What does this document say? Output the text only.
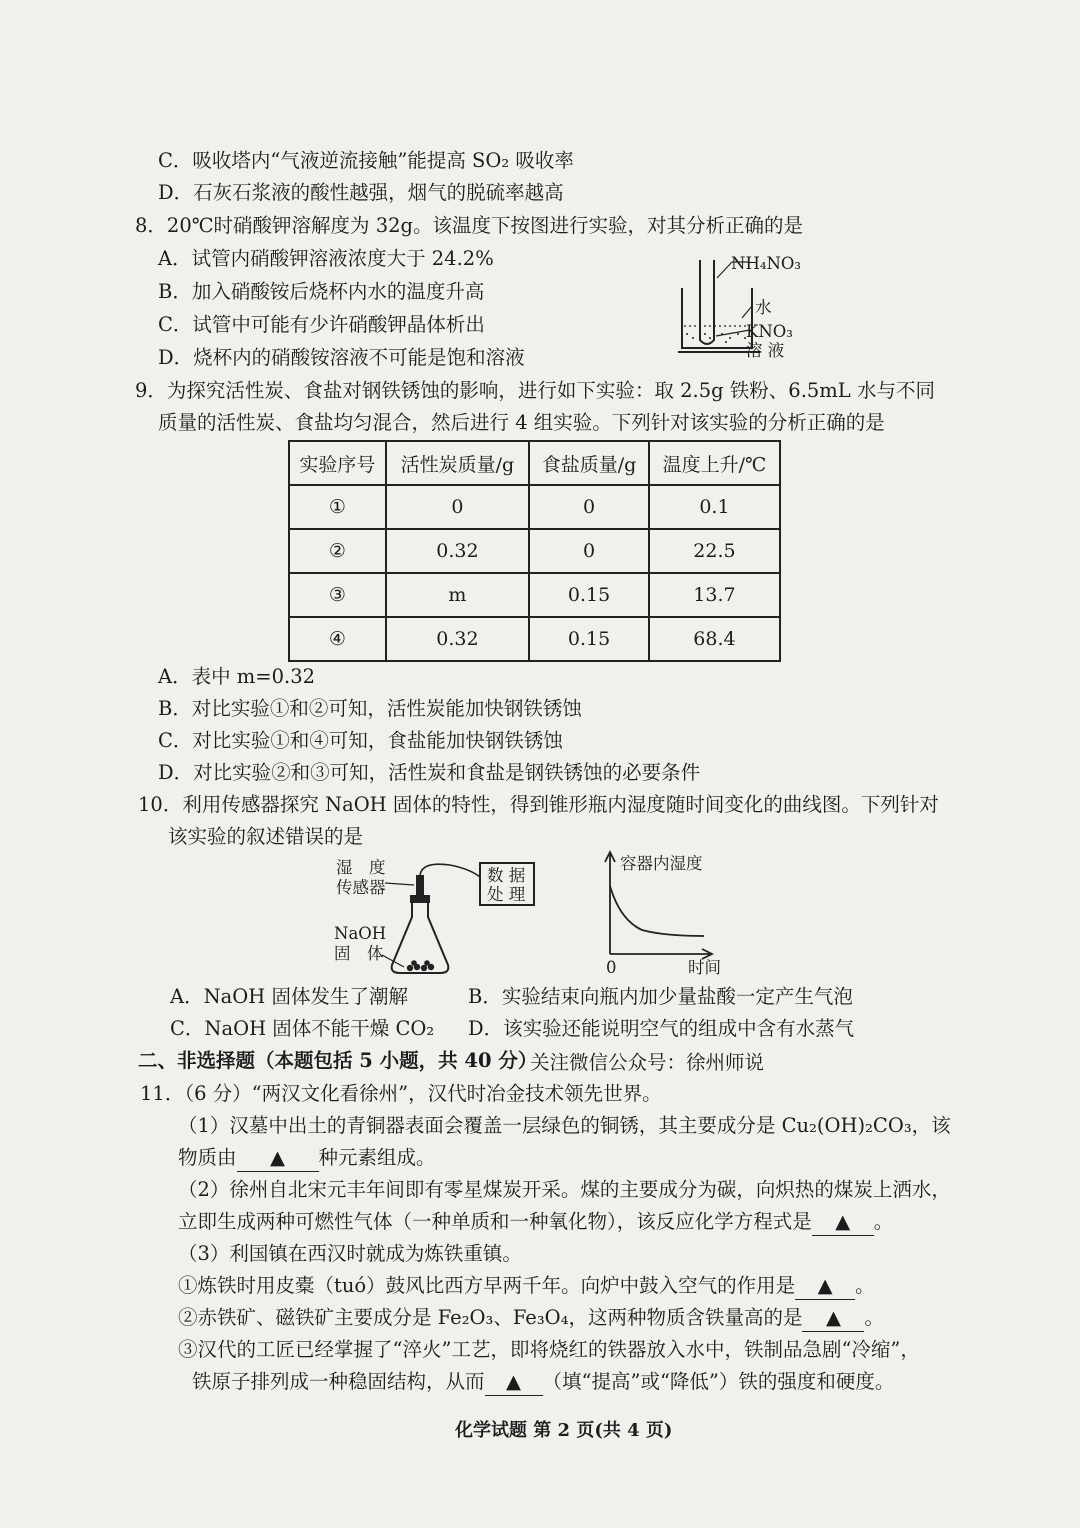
C．吸收塔内“气液逆流接触”能提高 SO₂ 吸收率
D．石灰石浆液的酸性越强，烟气的脱硫率越高
8．20℃时硝酸钾溶解度为 32g。该温度下按图进行实验，对其分析正确的是
A．试管内硝酸钾溶液浓度大于 24.2%
B．加入硝酸铵后烧杯内水的温度升高
C．试管中可能有少许硝酸钾晶体析出
D．烧杯内的硝酸铵溶液不可能是饱和溶液
NH₄NO₃
水
KNO₃
溶 液
9．为探究活性炭、食盐对钢铁锈蚀的影响，进行如下实验：取 2.5g 铁粉、6.5mL 水与不同
质量的活性炭、食盐均匀混合，然后进行 4 组实验。下列针对该实验的分析正确的是
实验序号	活性炭质量/g	食盐质量/g	温度上升/℃
①	0	0	0.1
②	0.32	0	22.5
③	m	0.15	13.7
④	0.32	0.15	68.4
A．表中 m=0.32
B．对比实验①和②可知，活性炭能加快钢铁锈蚀
C．对比实验①和④可知，食盐能加快钢铁锈蚀
D．对比实验②和③可知，活性炭和食盐是钢铁锈蚀的必要条件
10．利用传感器探究 NaOH 固体的特性，得到锥形瓶内湿度随时间变化的曲线图。下列针对
该实验的叙述错误的是
湿　度
传感器
数 据
处 理
NaOH
固　体
容器内湿度
0	时间
A．NaOH 固体发生了潮解	B．实验结束向瓶内加少量盐酸一定产生气泡
C．NaOH 固体不能干燥 CO₂ D．该实验还能说明空气的组成中含有水蒸气
二、非选择题（本题包括 5 小题，共 40 分）
关注微信公众号：徐州师说
11．（6 分）“两汉文化看徐州”，汉代时冶金技术领先世界。
（1）汉墓中出土的青铜器表面会覆盖一层绿色的铜锈，其主要成分是 Cu₂(OH)₂CO₃，该
物质由 ▲ 种元素组成。
（2）徐州自北宋元丰年间即有零星煤炭开采。煤的主要成分为碳，向炽热的煤炭上洒水，
立即生成两种可燃性气体（一种单质和一种氧化物），该反应化学方程式是 ▲ 。
（3）利国镇在西汉时就成为炼铁重镇。
①炼铁时用皮橐（tuó）鼓风比西方早两千年。向炉中鼓入空气的作用是 ▲ 。
②赤铁矿、磁铁矿主要成分是 Fe₂O₃、Fe₃O₄，这两种物质含铁量高的是 ▲ 。
③汉代的工匠已经掌握了“淬火”工艺，即将烧红的铁器放入水中，铁制品急剧“冷缩”，
铁原子排列成一种稳固结构，从而 ▲ （填“提高”或“降低”）铁的强度和硬度。
化学试题 第 2 页(共 4 页)
